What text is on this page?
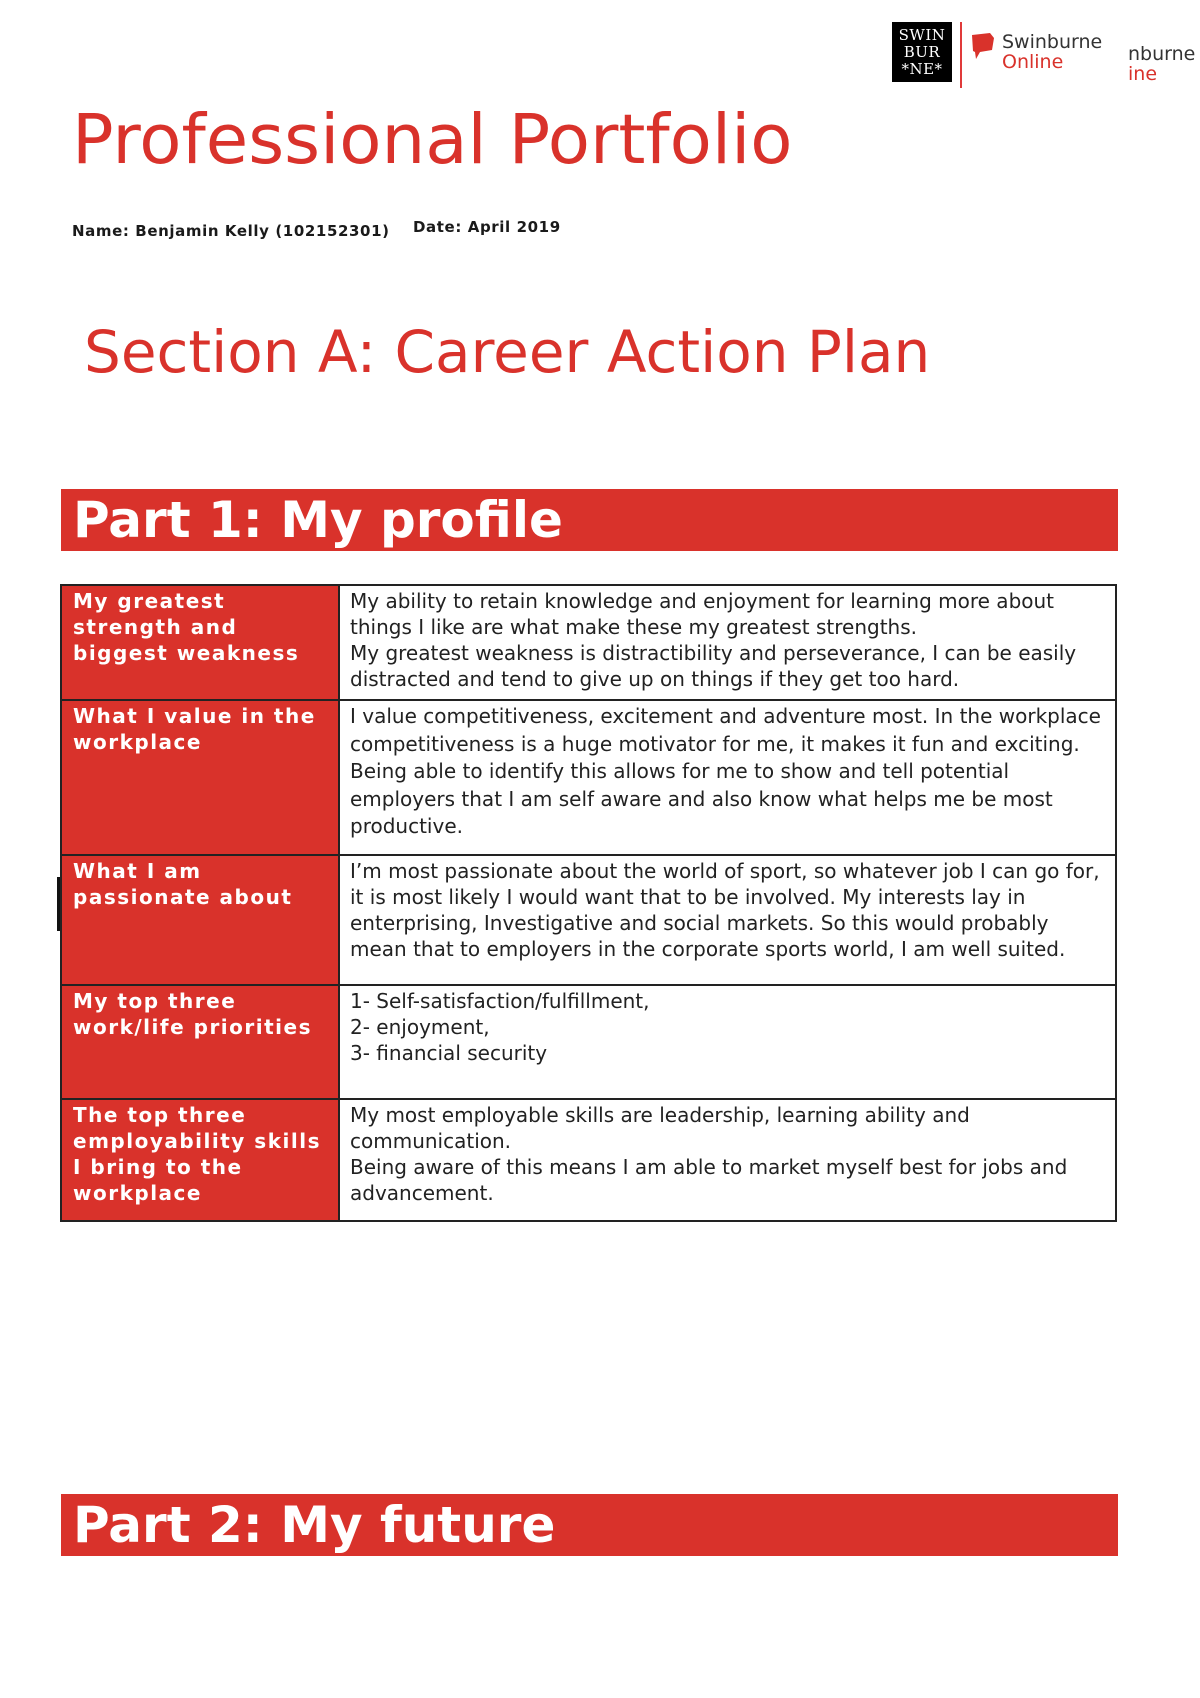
SWIN
BUR
*NE*
Swinburne
Online	nburne
ine
Professional Portfolio
Name: Benjamin Kelly (102152301) Date: April 2019
Section A: Career Action Plan
Part 1: My profile
My greatest strength and biggest weakness	My ability to retain knowledge and enjoyment for learning more about things I like are what make these my greatest strengths.
My greatest weakness is distractibility and perseverance, I can be easily distracted and tend to give up on things if they get too hard.

What I value in the workplace	I value competitiveness, excitement and adventure most. In the workplace competitiveness is a huge motivator for me, it makes it fun and exciting. Being able to identify this allows for me to show and tell potential employers that I am self aware and also know what helps me be most productive.

What I am passionate about	I’m most passionate about the world of sport, so whatever job I can go for, it is most likely I would want that to be involved. My interests lay in enterprising, Investigative and social markets. So this would probably mean that to employers in the corporate sports world, I am well suited.

My top three work/life priorities	1- Self-satisfaction/fulfillment,
2- enjoyment,
3- financial security

The top three employability skills I bring to the workplace	My most employable skills are leadership, learning ability and communication.
Being aware of this means I am able to market myself best for jobs and advancement.
Part 2: My future
